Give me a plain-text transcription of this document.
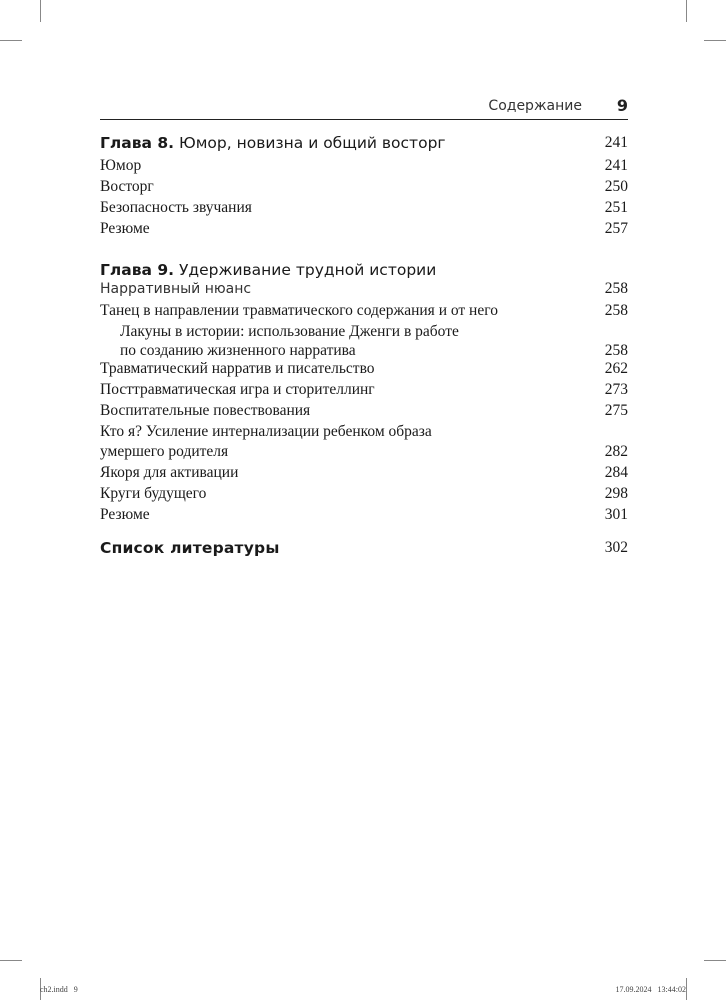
Содержание 9
Глава 8. Юмор, новизна и общий восторг	241
Юмор	241
Восторг	250
Безопасность звучания	251
Резюме	257
Глава 9. Удерживание трудной истории
Нарративный нюанс	258
Танец в направлении травматического содержания и от него	258
Лакуны в истории: использование Дженги в работе
по созданию жизненного нарратива	258
Травматический нарратив и писательство	262
Посттравматическая игра и сторителлинг	273
Воспитательные повествования	275
Кто я? Усиление интернализации ребенком образа
умершего родителя	282
Якоря для активации	284
Круги будущего	298
Резюме	301
Список литературы	302
ch2.indd   9	17.09.2024   13:44:02
